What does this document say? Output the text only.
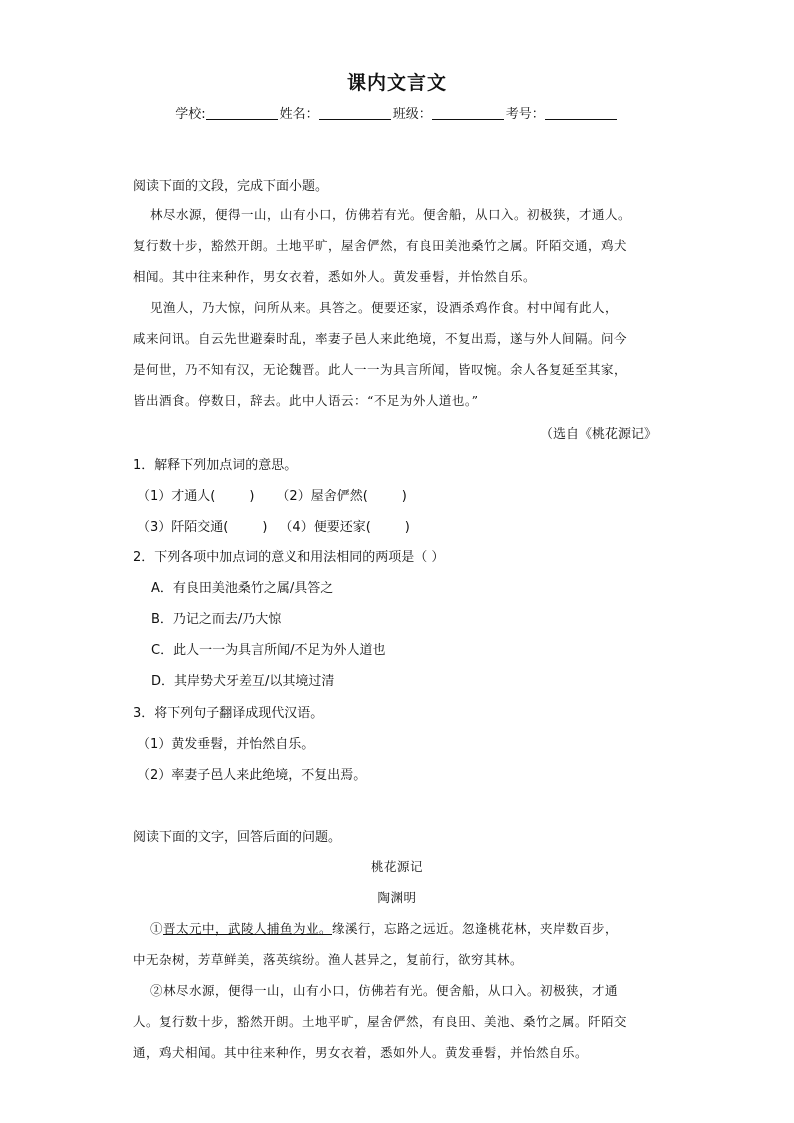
课内文言文
学校:	姓名：	班级：	考号：
阅读下面的文段，完成下面小题。
林尽水源，便得一山，山有小口，仿佛若有光。便舍船，从口入。初极狭，才通人。
复行数十步，豁然开朗。土地平旷，屋舍俨然，有良田美池桑竹之属。阡陌交通，鸡犬
相闻。其中往来种作，男女衣着，悉如外人。黄发垂髫，并怡然自乐。
见渔人，乃大惊，问所从来。具答之。便要还家，设酒杀鸡作食。村中闻有此人，
咸来问讯。自云先世避秦时乱，率妻子邑人来此绝境，不复出焉，遂与外人间隔。问今
是何世，乃不知有汉，无论魏晋。此人一一为具言所闻，皆叹惋。余人各复延至其家，
皆出酒食。停数日，辞去。此中人语云：“不足为外人道也。”
（选自《桃花源记》
1．解释下列加点词的意思。
（1）才通人(	) （2）屋舍俨然(	)
（3）阡陌交通(	) （4）便要还家(	)
2．下列各项中加点词的意义和用法相同的两项是（ ）
A．有良田美池桑竹之属/具答之
B．乃记之而去/乃大惊
C．此人一一为具言所闻/不足为外人道也
D．其岸势犬牙差互/以其境过清
3．将下列句子翻译成现代汉语。
（1）黄发垂髫，并怡然自乐。
（2）率妻子邑人来此绝境，不复出焉。
阅读下面的文字，回答后面的问题。
桃花源记
陶渊明
①晋太元中，武陵人捕鱼为业。缘溪行，忘路之远近。忽逢桃花林，夹岸数百步，
中无杂树，芳草鲜美，落英缤纷。渔人甚异之，复前行，欲穷其林。
②林尽水源，便得一山，山有小口，仿佛若有光。便舍船，从口入。初极狭，才通
人。复行数十步，豁然开朗。土地平旷，屋舍俨然，有良田、美池、桑竹之属。阡陌交
通，鸡犬相闻。其中往来种作，男女衣着，悉如外人。黄发垂髫，并怡然自乐。
